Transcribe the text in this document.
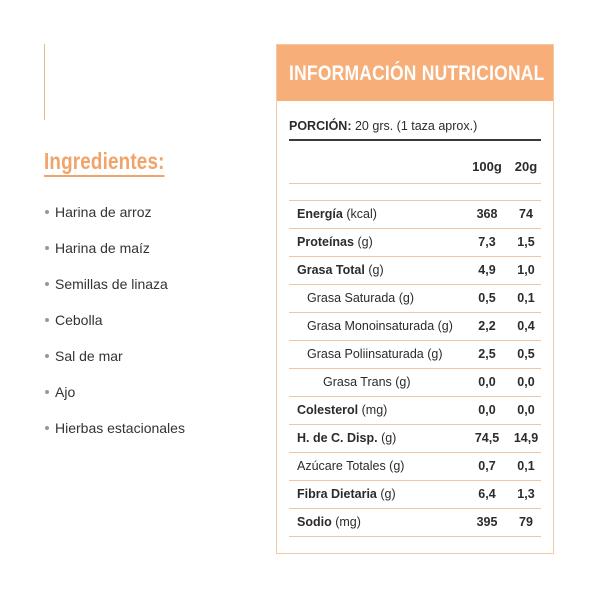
Ingredientes:
Harina de arroz
Harina de maíz
Semillas de linaza
Cebolla
Sal de mar
Ajo
Hierbas estacionales
INFORMACIÓN NUTRICIONAL
PORCIÓN: 20 grs. (1 taza aprox.)
100g 20g
Energía (kcal)	368	74
Proteínas (g)	7,3	1,5
Grasa Total (g)	4,9	1,0
Grasa Saturada (g)	0,5	0,1
Grasa Monoinsaturada (g)	2,2	0,4
Grasa Poliinsaturada (g)	2,5	0,5
Grasa Trans (g)	0,0	0,0
Colesterol (mg)	0,0	0,0
H. de C. Disp. (g)	74,5 14,9
Azúcare Totales (g)	0,7	0,1
Fibra Dietaria (g)	6,4	1,3
Sodio (mg)	395	79
